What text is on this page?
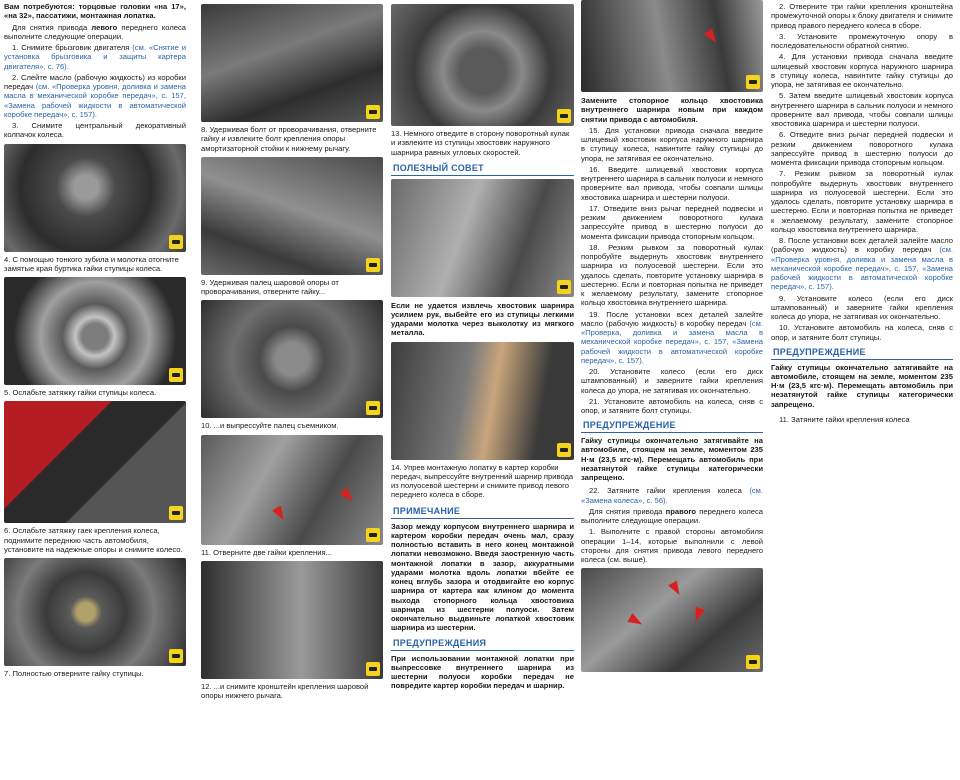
Вам потребуются: торцовые головки «на 17», «на 32», пассатижи, монтажная лопатка.

Для снятия привода левого переднего колеса выполните следующие операции.

1. Снимите брызговик двигателя (см. «Снятие и установка брызговика и защиты картера двигателя», с. 76).

2. Слейте масло (рабочую жидкость) из коробки передач (см. «Проверка уровня, доливка и замена масла в механической коробке передач», с. 157, «Замена рабочей жидкости в автоматической коробке передач», с. 157).

3. Снимите центральный декоративный колпачок колеса.

4. С помощью тонкого зубила и молотка отогните замятые края буртика гайки ступицы колеса.

5. Ослабьте затяжку гайки ступицы колеса.

6. Ослабьте затяжку гаек крепления колеса, поднимите переднюю часть автомобиля, установите на надежные опоры и снимите колесо.

7. Полностью отверните гайку ступицы.

8. Удерживая болт от проворачивания, отверните гайку и извлеките болт крепления опоры амортизаторной стойки к нижнему рычагу.

9. Удерживая палец шаровой опоры от проворачивания, отверните гайку...

10. ...и выпрессуйте палец съемником.

11. Отверните две гайки крепления...

12. ...и снимите кронштейн крепления шаровой опоры нижнего рычага.

13. Немного отведите в сторону поворотный кулак и извлеките из ступицы хвостовик наружного шарнира равных угловых скоростей.

ПОЛЕЗНЫЙ СОВЕТ

Если не удается извлечь хвостовик шарнира усилием рук, выбейте его из ступицы легкими ударами молотка через выколотку из мягкого металла.

14. Упрев монтажную лопатку в картер коробки передач, выпрессуйте внутренний шарнир привода из полуосевой шестерни и снимите привод левого переднего колеса в сборе.

ПРИМЕЧАНИЕ

Зазор между корпусом внутреннего шарнира и картером коробки передач очень мал, сразу полностью вставить в него конец монтажной лопатки невозможно. Введя заостренную часть монтажной лопатки в зазор, аккуратными ударами молотка вдоль лопатки вбейте ее конец вглубь зазора и отодвигайте ею корпус шарнира от картера как клином до момента выхода стопорного кольца хвостовика шарнира из шестерни полуоси. Затем окончательно выдвиньте лопаткой хвостовик шарнира из шестерни.

ПРЕДУПРЕЖДЕНИЯ

При использовании монтажной лопатки при выпрессовке внутреннего шарнира из шестерни полуоси коробки передач не повредите картер коробки передач и шарнир.

Замените стопорное кольцо хвостовика внутреннего шарнира новым при каждом снятии привода с автомобиля.

15. Для установки привода сначала введите шлицевый хвостовик корпуса наружного шарнира в ступицу колеса, навинтите гайку ступицы до упора, не затягивая ее окончательно.

16. Введите шлицевый хвостовик корпуса внутреннего шарнира в сальник полуоси и немного проверните вал привода, чтобы совпали шлицы хвостовика шарнира и шестерни полуоси.

17. Отведите вниз рычаг передней подвески и резким движением поворотного кулака запрессуйте привод в шестерню полуоси до момента фиксации привода стопорным кольцом.

18. Резким рывком за поворотный кулак попробуйте выдернуть хвостовик внутреннего шарнира из полуосевой шестерни. Если это удалось сделать, повторите установку шарнира в шестерню. Если и повторная попытка не приведет к желаемому результату, замените стопорное кольцо хвостовика внутреннего шарнира.

19. После установки всех деталей залейте масло (рабочую жидкость) в коробку передач (см. «Проверка, доливка и замена масла в механической коробке передач», с. 157, «Замена рабочей жидкости в автоматической коробке передач», с. 157).

20. Установите колесо (если его диск штампованный) и заверните гайки крепления колеса до упора, не затягивая их окончательно.

21. Установите автомобиль на колеса, сняв с опор, и затяните болт ступицы.

ПРЕДУПРЕЖДЕНИЕ

Гайку ступицы окончательно затягивайте на автомобиле, стоящем на земле, моментом 235 Н·м (23,5 кгс·м). Перемещать автомобиль при незатянутой гайке ступицы категорически запрещено.

22. Затяните гайки крепления колеса (см. «Замена колеса», с. 56).

Для снятия привода правого переднего колеса выполните следующие операции.

1. Выполните с правой стороны автомобиля операции 1–14, которые выполнили с левой стороны для снятия привода левого переднего колеса (см. выше).

2. Отверните три гайки крепления кронштейна промежуточной опоры к блоку двигателя и снимите привод правого переднего колеса в сборе.

3. Установите промежуточную опору в последовательности обратной снятию.

4. Для установки привода сначала введите шлицевый хвостовик корпуса наружного шарнира в ступицу колеса, навинтите гайку ступицы до упора, не затягивая ее окончательно.

5. Затем введите шлицевый хвостовик корпуса внутреннего шарнира в сальник полуоси и немного проверните вал привода, чтобы совпали шлицы хвостовика шарнира и шестерни полуоси.

6. Отведите вниз рычаг передней подвески и резким движением поворотного кулака запрессуйте привод в шестерню полуоси до момента фиксации привода стопорным кольцом.

7. Резким рывком за поворотный кулак попробуйте выдернуть хвостовик внутреннего шарнира из полуосевой шестерни. Если это удалось сделать, повторите установку шарнира в шестерню. Если и повторная попытка не приведет к желаемому результату, замените стопорное кольцо хвостовика внутреннего шарнира.

8. После установки всех деталей залейте масло (рабочую жидкость) в коробку передач (см. «Проверка уровня, доливка и замена масла в механической коробке передач», с. 157, «Замена рабочей жидкости в автоматической коробке передач», с. 157).

9. Установите колесо (если его диск штампованный) и заверните гайки крепления колеса до упора, не затягивая их окончательно.

10. Установите автомобиль на колеса, сняв с опор, и затяните болт ступицы.

ПРЕДУПРЕЖДЕНИЕ

Гайку ступицы окончательно затягивайте на автомобиле, стоящем на земле, моментом 235 Н·м (23,5 кгс·м). Перемещать автомобиль при незатянутой гайке ступицы категорически запрещено.

11. Затяните гайки крепления колеса
